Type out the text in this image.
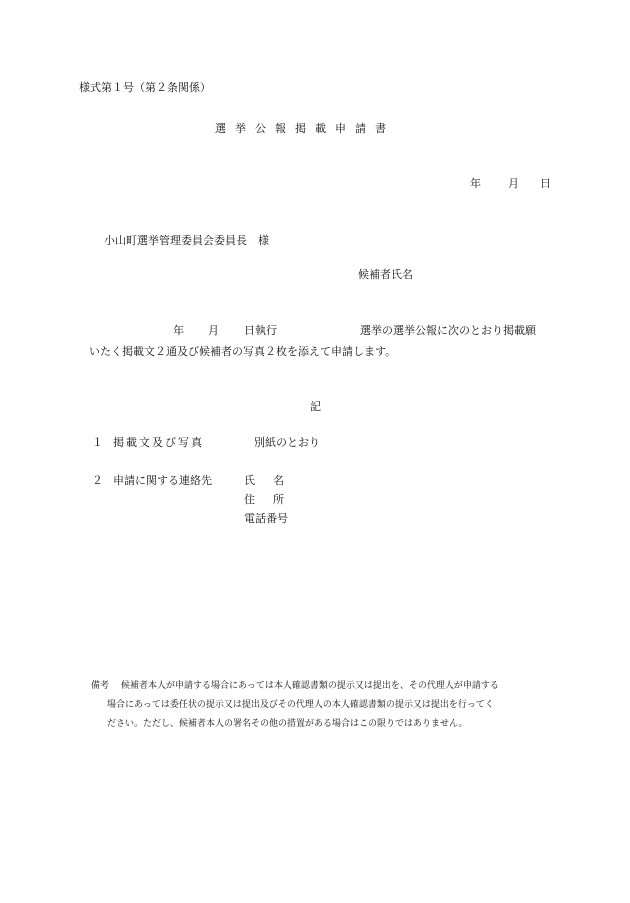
様式第１号（第２条関係）
選挙公報掲載申請書
年 月 日
小山町選挙管理委員会委員長　様
候補者氏名
年 月 日執行	選挙の選挙公報に次のとおり掲載願
いたく掲載文２通及び候補者の写真２枚を添えて申請します。
記
１ 掲載文及び写真	別紙のとおり
２ 申請に関する連絡先	氏名
住所
電話番号
備考 候補者本人が申請する場合にあっては本人確認書類の提示又は提出を、その代理人が申請する
場合にあっては委任状の提示又は提出及びその代理人の本人確認書類の提示又は提出を行ってく
ださい。ただし、候補者本人の署名その他の措置がある場合はこの限りではありません。
